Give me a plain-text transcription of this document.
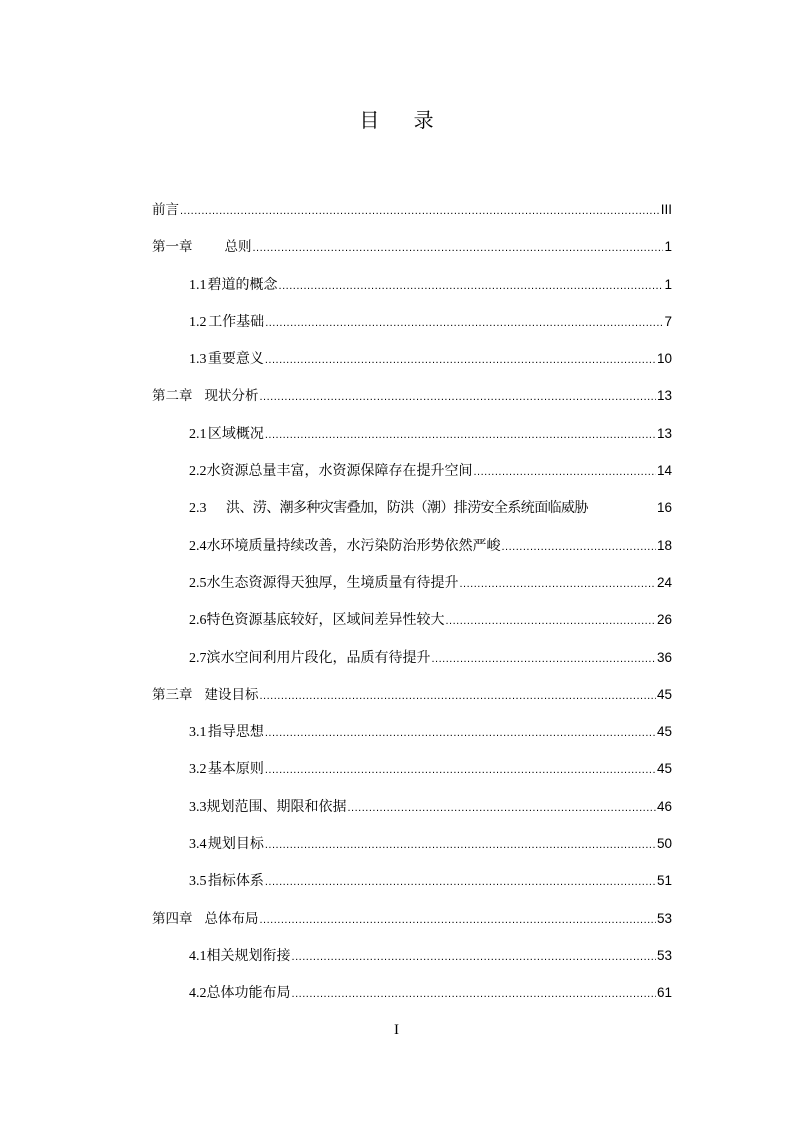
目 录
前言 .....	III
第一章 总则 .....	1
1.1 碧道的概念 .....	1
1.2 工作基础 .....	7
1.3 重要意义 .....	10
第二章 现状分析 .....	13
2.1 区域概况 .....	13
2.2 水资源总量丰富，水资源保障存在提升空间 .....	14
2.3	洪、涝、潮多种灾害叠加，防洪（潮）排涝安全系统面临威胁	16
2.4 水环境质量持续改善，水污染防治形势依然严峻 .....	18
2.5 水生态资源得天独厚，生境质量有待提升 .....	24
2.6 特色资源基底较好，区域间差异性较大 .....	26
2.7 滨水空间利用片段化，品质有待提升 .....	36
第三章 建设目标 .....	45
3.1 指导思想 .....	45
3.2 基本原则 .....	45
3.3 规划范围、期限和依据 .....	46
3.4 规划目标 .....	50
3.5 指标体系 .....	51
第四章 总体布局 .....	53
4.1 相关规划衔接 .....	53
4.2 总体功能布局 .....	61
I
